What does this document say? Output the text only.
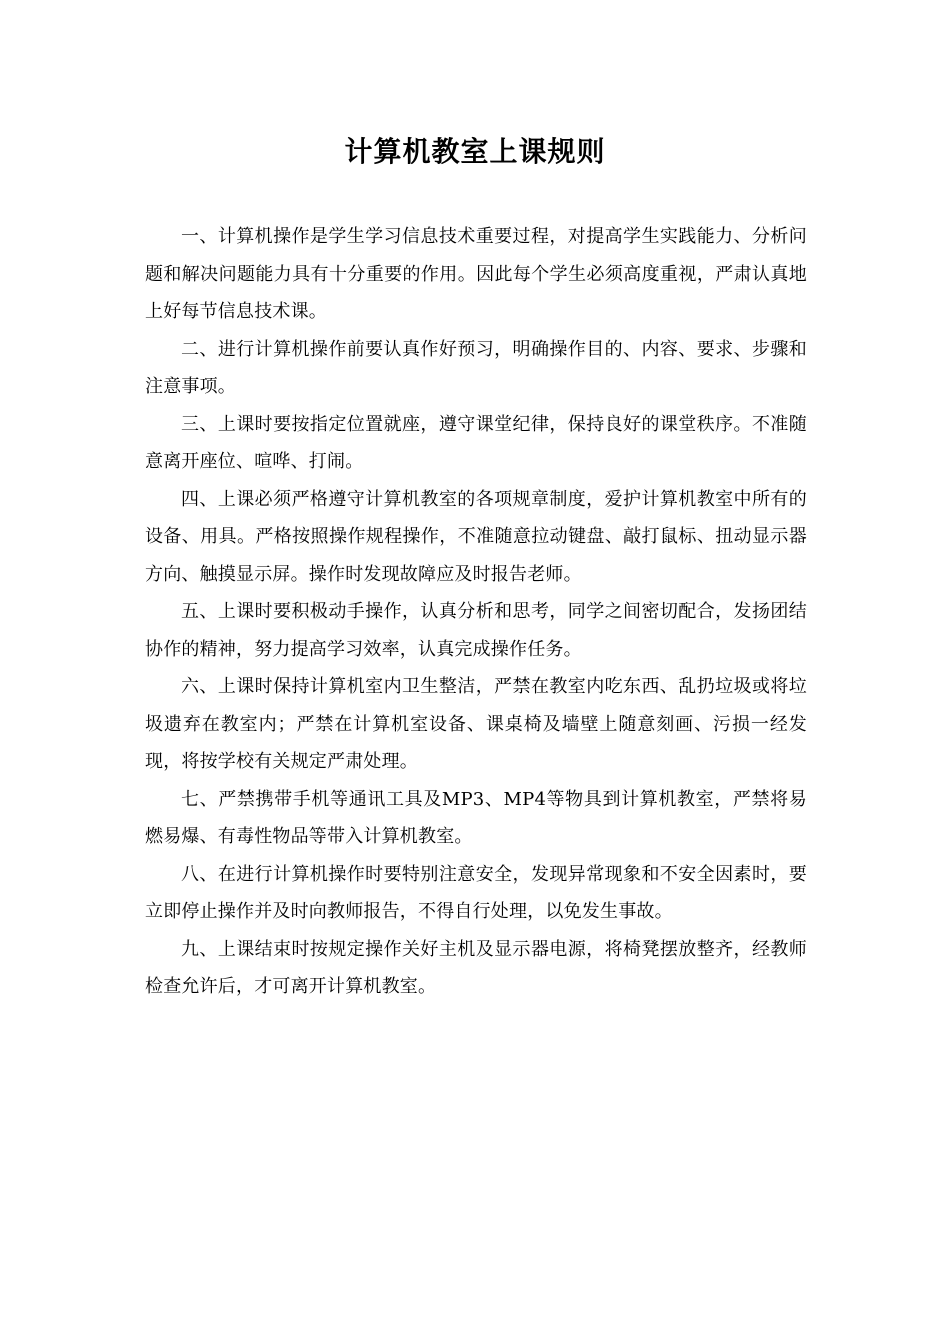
计算机教室上课规则

一、计算机操作是学生学习信息技术重要过程，对提高学生实践能力、分析问题和解决问题能力具有十分重要的作用。因此每个学生必须高度重视，严肃认真地上好每节信息技术课。

二、进行计算机操作前要认真作好预习，明确操作目的、内容、要求、步骤和注意事项。

三、上课时要按指定位置就座，遵守课堂纪律，保持良好的课堂秩序。不准随意离开座位、喧哗、打闹。

四、上课必须严格遵守计算机教室的各项规章制度，爱护计算机教室中所有的设备、用具。严格按照操作规程操作，不准随意拉动键盘、敲打鼠标、扭动显示器方向、触摸显示屏。操作时发现故障应及时报告老师。

五、上课时要积极动手操作，认真分析和思考，同学之间密切配合，发扬团结协作的精神，努力提高学习效率，认真完成操作任务。

六、上课时保持计算机室内卫生整洁，严禁在教室内吃东西、乱扔垃圾或将垃圾遗弃在教室内；严禁在计算机室设备、课桌椅及墙壁上随意刻画、污损一经发现，将按学校有关规定严肃处理。

七、严禁携带手机等通讯工具及MP3、MP4等物具到计算机教室，严禁将易燃易爆、有毒性物品等带入计算机教室。

八、在进行计算机操作时要特别注意安全，发现异常现象和不安全因素时，要立即停止操作并及时向教师报告，不得自行处理，以免发生事故。

九、上课结束时按规定操作关好主机及显示器电源，将椅凳摆放整齐，经教师检查允许后，才可离开计算机教室。
